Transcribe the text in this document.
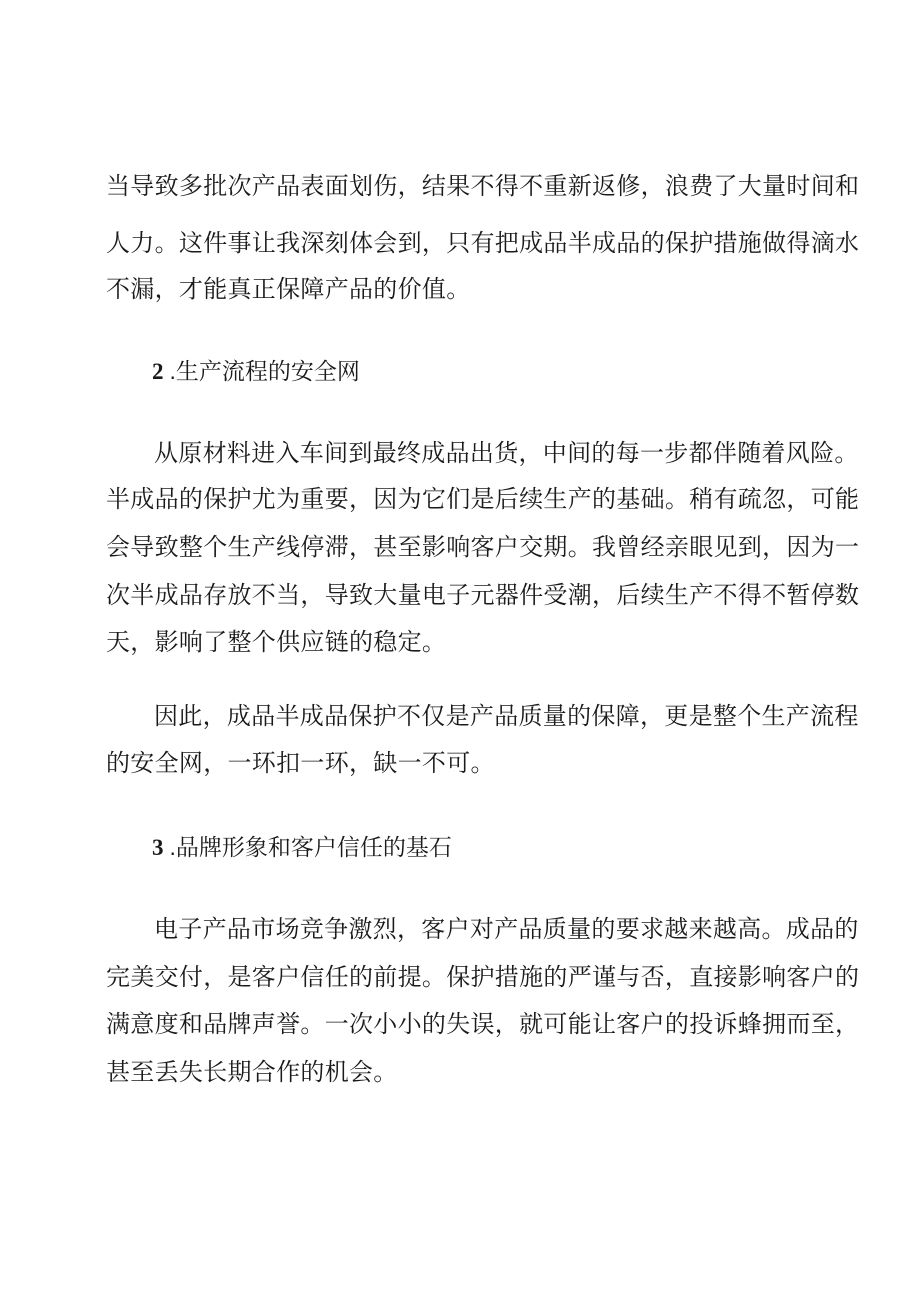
当导致多批次产品表面划伤，结果不得不重新返修，浪费了大量时间和
人力。这件事让我深刻体会到，只有把成品半成品的保护措施做得滴水
不漏，才能真正保障产品的价值。
2 .生产流程的安全网
从原材料进入车间到最终成品出货，中间的每一步都伴随着风险。
半成品的保护尤为重要，因为它们是后续生产的基础。稍有疏忽，可能
会导致整个生产线停滞，甚至影响客户交期。我曾经亲眼见到，因为一
次半成品存放不当，导致大量电子元器件受潮，后续生产不得不暂停数
天，影响了整个供应链的稳定。
因此，成品半成品保护不仅是产品质量的保障，更是整个生产流程
的安全网，一环扣一环，缺一不可。
3 .品牌形象和客户信任的基石
电子产品市场竞争激烈，客户对产品质量的要求越来越高。成品的
完美交付，是客户信任的前提。保护措施的严谨与否，直接影响客户的
满意度和品牌声誉。一次小小的失误，就可能让客户的投诉蜂拥而至，
甚至丢失长期合作的机会。
